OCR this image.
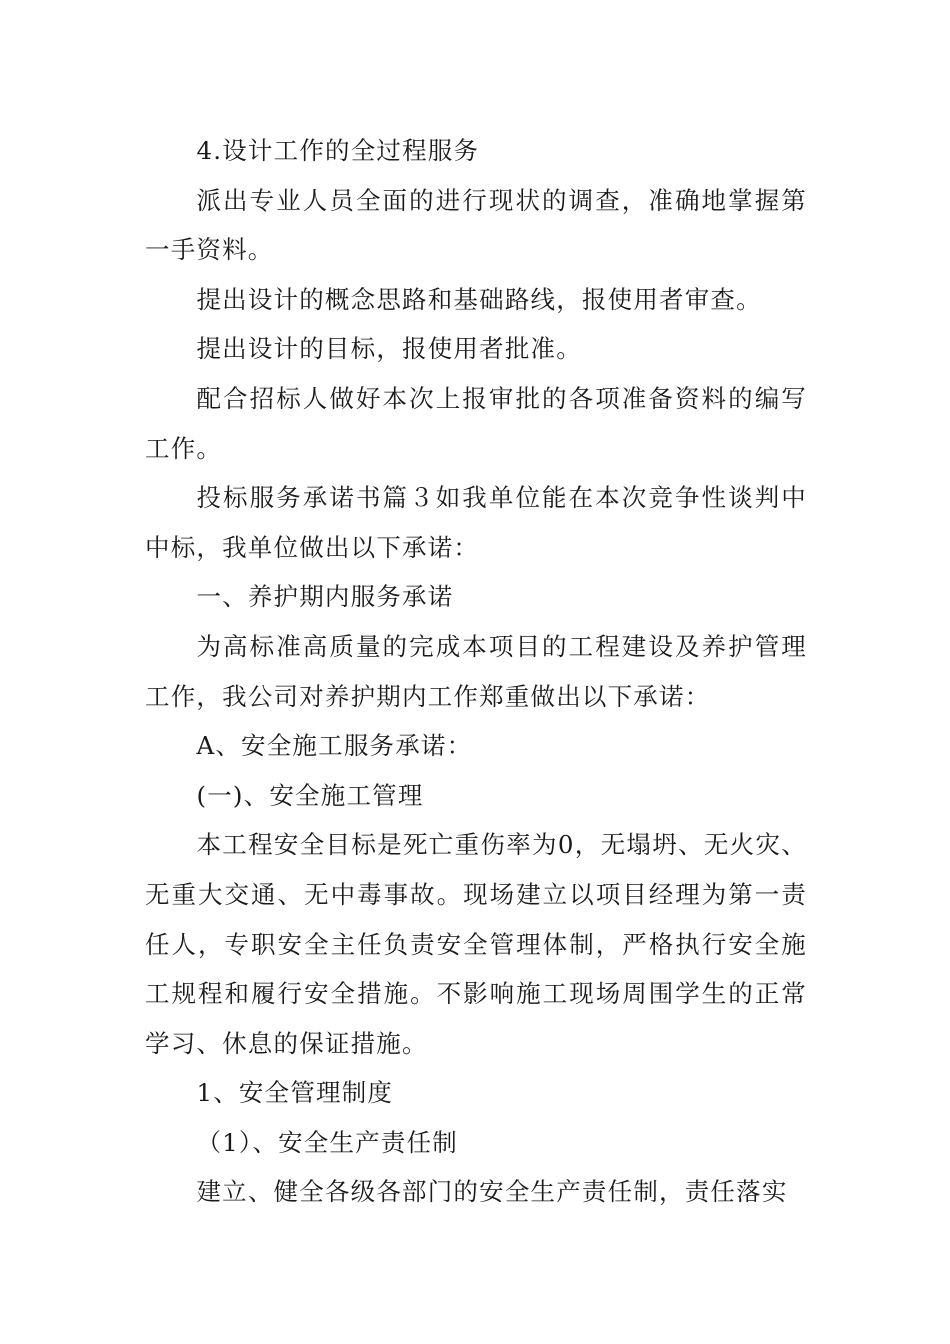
4.设计工作的全过程服务

派出专业人员全面的进行现状的调查，准确地掌握第一手资料。

提出设计的概念思路和基础路线，报使用者审查。

提出设计的目标，报使用者批准。

配合招标人做好本次上报审批的各项准备资料的编写工作。

投标服务承诺书篇３如我单位能在本次竞争性谈判中中标，我单位做出以下承诺：

一、养护期内服务承诺

为高标准高质量的完成本项目的工程建设及养护管理工作，我公司对养护期内工作郑重做出以下承诺：

A、安全施工服务承诺：

(一)、安全施工管理

本工程安全目标是死亡重伤率为0，无塌坍、无火灾、无重大交通、无中毒事故。现场建立以项目经理为第一责任人，专职安全主任负责安全管理体制，严格执行安全施工规程和履行安全措施。不影响施工现场周围学生的正常学习、休息的保证措施。

1、安全管理制度

（1）、安全生产责任制

建立、健全各级各部门的安全生产责任制，责任落实
